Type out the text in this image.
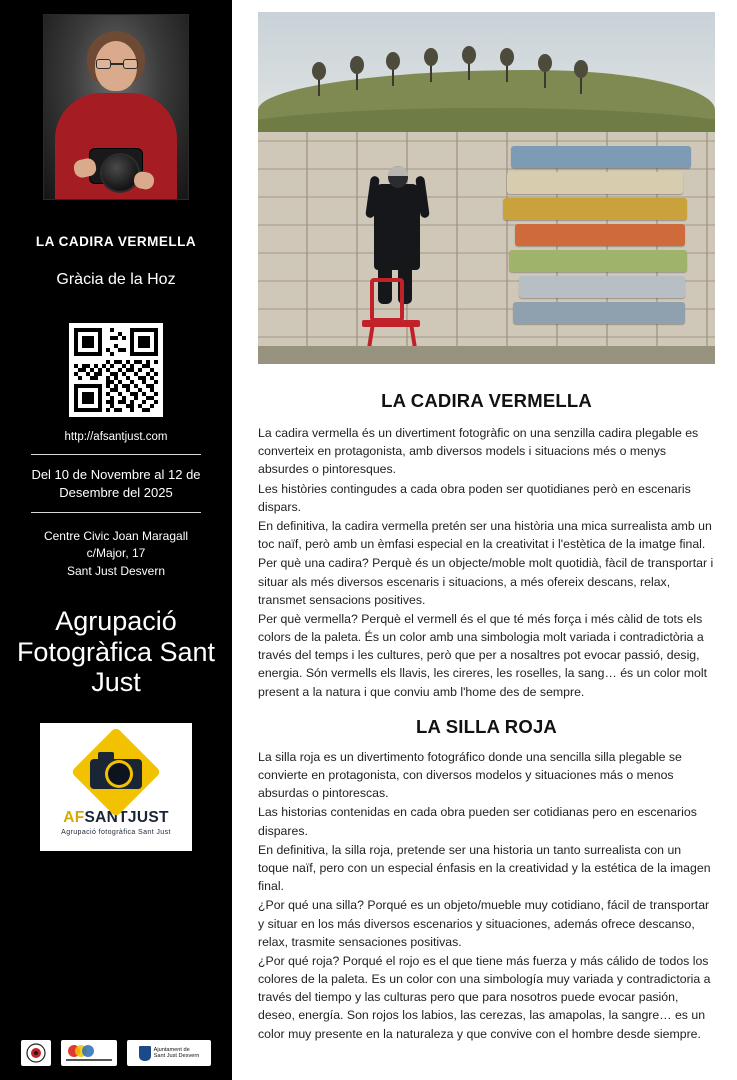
LA CADIRA VERMELLA
Gràcia de la Hoz
http://afsantjust.com
Del 10 de Novembre al 12 de Desembre del 2025
Centre Civic Joan Maragall
c/Major, 17
Sant Just Desvern
Agrupació Fotogràfica Sant Just
AFSANTJUST
Agrupació fotogràfica Sant Just
Ajuntament de
Sant Just Desvern
LA CADIRA VERMELLA

La cadira vermella és un divertiment fotogràfic on una senzilla cadira plegable es converteix en protagonista, amb diversos models i situacions més o menys absurdes o pintoresques.

Les històries contingudes a cada obra poden ser quotidianes però en escenaris dispars.

En definitiva, la cadira vermella pretén ser una història una mica surrealista amb un toc naïf, però amb un èmfasi especial en la creativitat i l'estètica de la imatge final.

Per què una cadira? Perquè és un objecte/moble molt quotidià, fàcil de transportar i situar als més diversos escenaris i situacions, a més ofereix descans, relax, transmet sensacions positives.

Per què vermella? Perquè el vermell és el que té més força i més càlid de tots els colors de la paleta. És un color amb una simbologia molt variada i contradictòria a través del temps i les cultures, però que per a nosaltres pot evocar passió, desig, energia. Són vermells els llavis, les cireres, les roselles, la sang… és un color molt present a la natura i que conviu amb l'home des de sempre.

LA SILLA ROJA

La silla roja es un divertimento fotográfico donde una sencilla silla plegable se convierte en protagonista, con diversos modelos y situaciones más o menos absurdas o pintorescas.

Las historias contenidas en cada obra pueden ser cotidianas pero en escenarios dispares.

En definitiva, la silla roja, pretende ser una historia un tanto surrealista con un toque naïf, pero con un especial énfasis en la creatividad y la estética de la imagen final.

¿Por qué una silla? Porqué es un objeto/mueble muy cotidiano, fácil de transportar y situar en los más diversos escenarios y situaciones, además ofrece descanso, relax, trasmite sensaciones positivas.

¿Por qué roja? Porqué el rojo es el que tiene más fuerza y más cálido de todos los colores de la paleta. Es un color con una simbología muy variada y contradictoria a través del tiempo y las culturas pero que para nosotros puede evocar pasión, deseo, energía. Son rojos los labios, las cerezas, las amapolas, la sangre… es un color muy presente en la naturaleza y que convive con el hombre desde siempre.
